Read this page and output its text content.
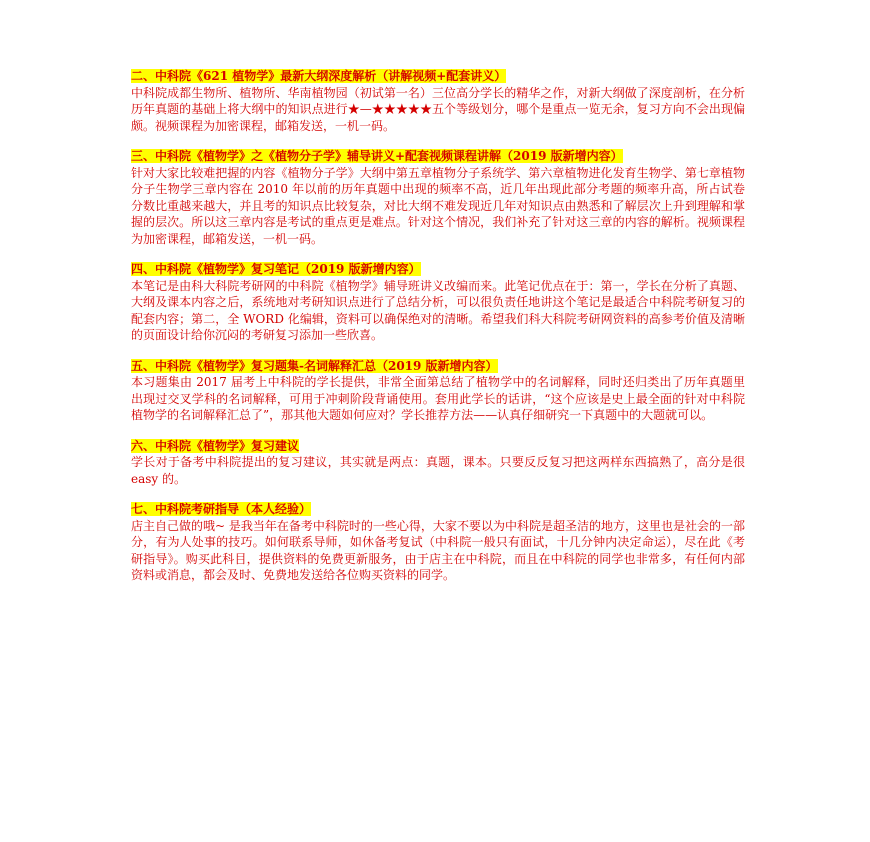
二、中科院《621 植物学》最新大纲深度解析（讲解视频+配套讲义）

中科院成都生物所、植物所、华南植物园（初试第一名）三位高分学长的精华之作，对新大纲做了深度剖析，在分析历年真题的基础上将大纲中的知识点进行★—★★★★★五个等级划分，哪个是重点一览无余，复习方向不会出现偏颇。视频课程为加密课程，邮箱发送，一机一码。

三、中科院《植物学》之《植物分子学》辅导讲义+配套视频课程讲解（2019 版新增内容）

针对大家比较难把握的内容《植物分子学》大纲中第五章植物分子系统学、第六章植物进化发育生物学、第七章植物分子生物学三章内容在 2010 年以前的历年真题中出现的频率不高，近几年出现此部分考题的频率升高，所占试卷分数比重越来越大，并且考的知识点比较复杂，对比大纲不难发现近几年对知识点由熟悉和了解层次上升到理解和掌握的层次。所以这三章内容是考试的重点更是难点。针对这个情况，我们补充了针对这三章的内容的解析。视频课程为加密课程，邮箱发送，一机一码。

四、中科院《植物学》复习笔记（2019 版新增内容）

本笔记是由科大科院考研网的中科院《植物学》辅导班讲义改编而来。此笔记优点在于：第一，学长在分析了真题、大纲及课本内容之后，系统地对考研知识点进行了总结分析，可以很负责任地讲这个笔记是最适合中科院考研复习的配套内容；第二，全 WORD 化编辑，资料可以确保绝对的清晰。希望我们科大科院考研网资料的高参考价值及清晰的页面设计给你沉闷的考研复习添加一些欣喜。

五、中科院《植物学》复习题集-名词解释汇总（2019 版新增内容）

本习题集由 2017 届考上中科院的学长提供，非常全面第总结了植物学中的名词解释，同时还归类出了历年真题里出现过交叉学科的名词解释，可用于冲刺阶段背诵使用。套用此学长的话讲，“这个应该是史上最全面的针对中科院植物学的名词解释汇总了”，那其他大题如何应对？学长推荐方法——认真仔细研究一下真题中的大题就可以。

六、中科院《植物学》复习建议

学长对于备考中科院提出的复习建议，其实就是两点：真题，课本。只要反反复习把这两样东西搞熟了，高分是很 easy 的。

七、中科院考研指导（本人经验）

店主自己做的哦~ 是我当年在备考中科院时的一些心得，大家不要以为中科院是超圣洁的地方，这里也是社会的一部分，有为人处事的技巧。如何联系导师，如休备考复试（中科院一般只有面试，十几分钟内决定命运），尽在此《考研指导》。购买此科目，提供资料的免费更新服务，由于店主在中科院，而且在中科院的同学也非常多，有任何内部资料或消息，都会及时、免费地发送给各位购买资料的同学。
